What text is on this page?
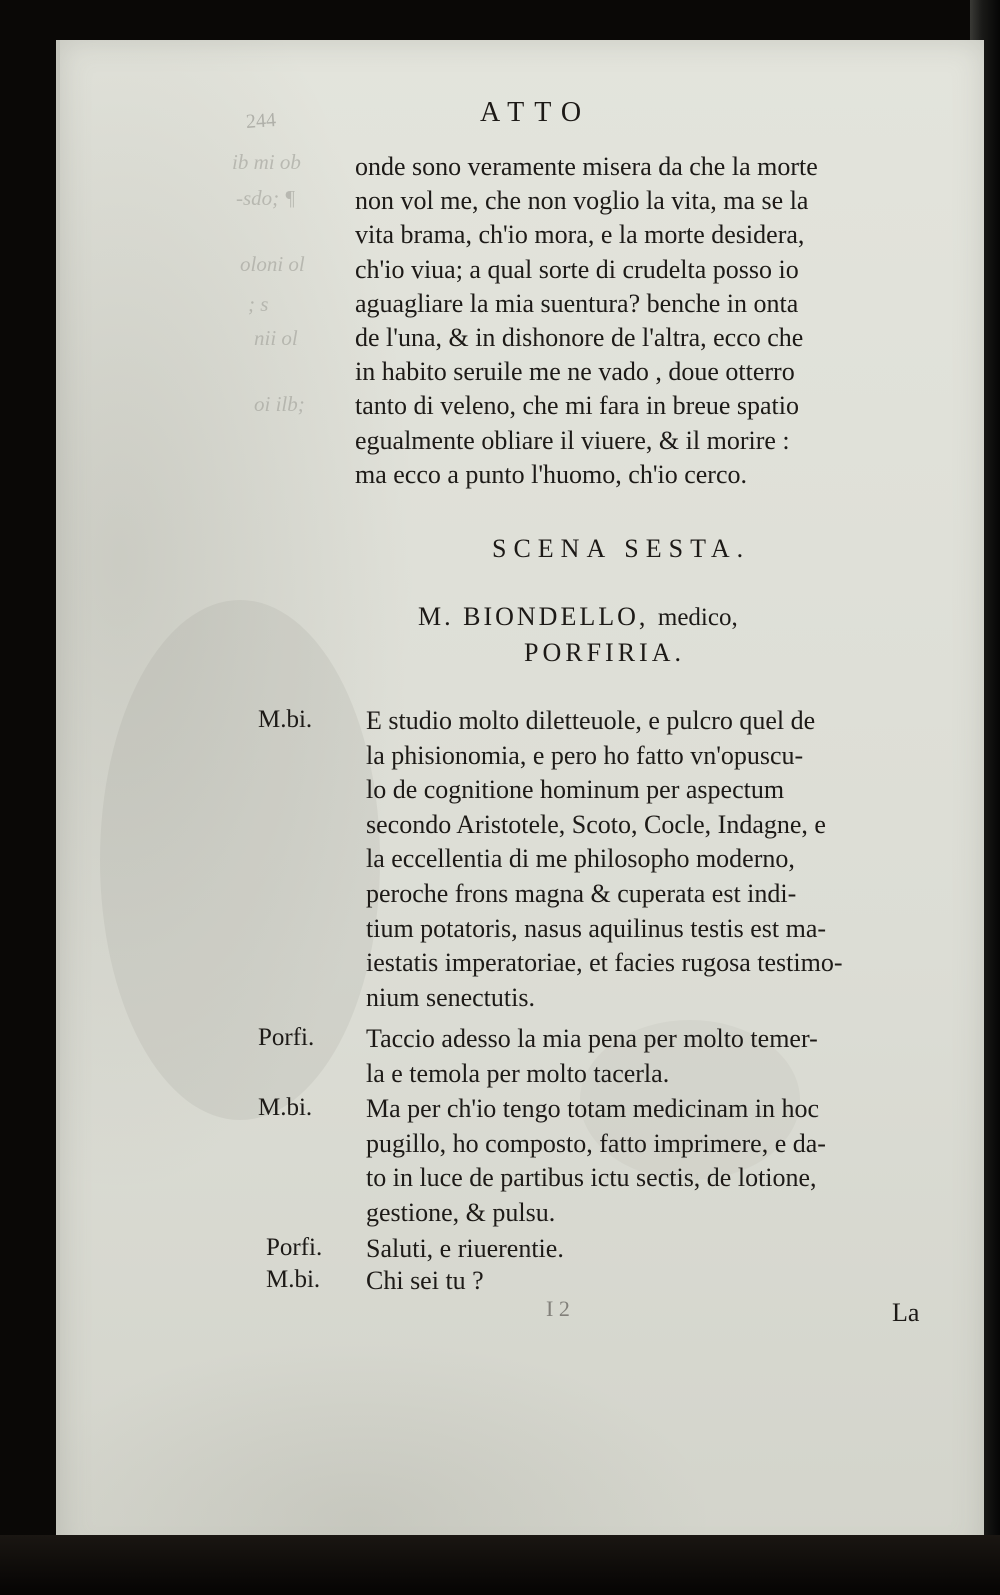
244	ATTO
ib mi ob
-sdo; ¶
oloni ol
; s
nii ol
oi ilb;
onde sono veramente misera da che la morte
non vol me, che non voglio la vita, ma se la
vita brama, ch'io mora, e la morte desidera,
ch'io viua; a qual sorte di crudelta posso io
aguagliare la mia suentura? benche in onta
de l'una, & in dishonore de l'altra, ecco che
in habito seruile me ne vado , doue otterro
tanto di veleno, che mi fara in breue spatio
egualmente obliare il viuere, & il morire :
ma ecco a punto l'huomo, ch'io cerco.
SCENA SESTA.
M. BIONDELLO, medico,
PORFIRIA.
M.bi. E studio molto diletteuole, e pulcro quel de
la phisionomia, e pero ho fatto vn'opuscu-
lo de cognitione hominum per aspectum
secondo Aristotele, Scoto, Cocle, Indagne, e
la eccellentia di me philosopho moderno,
peroche frons magna & cuperata est indi-
tium potatoris, nasus aquilinus testis est ma-
iestatis imperatoriae, et facies rugosa testimo-
nium senectutis.
Porfi. Taccio adesso la mia pena per molto temer-
la e temola per molto tacerla.
M.bi. Ma per ch'io tengo totam medicinam in hoc
pugillo, ho composto, fatto imprimere, e da-
to in luce de partibus ictu sectis, de lotione,
gestione, & pulsu.
Porfi. Saluti, e riuerentie.
M.bi. Chi sei tu ?
I 2	La
